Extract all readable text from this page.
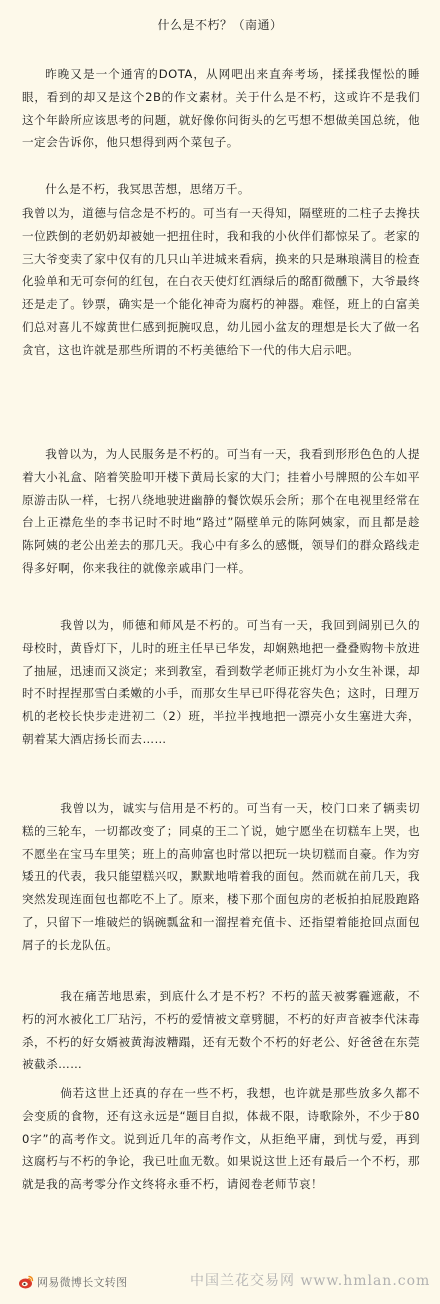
什么是不朽？（南通）

昨晚又是一个通宵的DOTA，从网吧出来直奔考场，揉揉我惺忪的睡眼，看到的却又是这个2B的作文素材。关于什么是不朽，这或许不是我们这个年龄所应该思考的问题，就好像你问街头的乞丐想不想做美国总统，他一定会告诉你，他只想得到两个菜包子。

什么是不朽，我冥思苦想，思绪万千。

我曾以为，道德与信念是不朽的。可当有一天得知，隔壁班的二柱子去搀扶一位跌倒的老奶奶却被她一把扭住时，我和我的小伙伴们都惊呆了。老家的三大爷变卖了家中仅有的几只山羊进城来看病，换来的只是琳琅满目的检查化验单和无可奈何的红包，在白衣天使灯红酒绿后的酩酊微醺下，大爷最终还是走了。钞票，确实是一个能化神奇为腐朽的神器。难怪，班上的白富美们总对喜儿不嫁黄世仁感到扼腕叹息，幼儿园小盆友的理想是长大了做一名贪官，这也许就是那些所谓的不朽美德给下一代的伟大启示吧。

我曾以为，为人民服务是不朽的。可当有一天，我看到形形色色的人提着大小礼盒、陪着笑脸叩开楼下黄局长家的大门；挂着小号牌照的公车如平原游击队一样，七拐八绕地驶进幽静的餐饮娱乐会所；那个在电视里经常在台上正襟危坐的李书记时不时地“路过”隔壁单元的陈阿姨家，而且都是趁陈阿姨的老公出差去的那几天。我心中有多么的感慨，领导们的群众路线走得多好啊，你来我往的就像亲戚串门一样。

我曾以为，师德和师风是不朽的。可当有一天，我回到阔别已久的母校时，黄昏灯下，儿时的班主任早已华发，却娴熟地把一叠叠购物卡放进了抽屉，迅速而又淡定；来到教室，看到数学老师正挑灯为小女生补课，却时不时捏捏那雪白柔嫩的小手，而那女生早已吓得花容失色；这时，日理万机的老校长快步走进初二（2）班，半拉半拽地把一漂亮小女生塞进大奔，朝着某大酒店扬长而去……

我曾以为，诚实与信用是不朽的。可当有一天，校门口来了辆卖切糕的三轮车，一切都改变了；同桌的王二丫说，她宁愿坐在切糕车上哭，也不愿坐在宝马车里笑；班上的高帅富也时常以把玩一块切糕而自豪。作为穷矮丑的代表，我只能望糕兴叹，默默地啃着我的面包。然而就在前几天，我突然发现连面包也都吃不上了。原来，楼下那个面包房的老板拍拍屁股跑路了，只留下一堆破烂的锅碗瓢盆和一溜捏着充值卡、还指望着能抢回点面包屑子的长龙队伍。

我在痛苦地思索，到底什么才是不朽？不朽的蓝天被雾霾遮蔽，不朽的河水被化工厂玷污，不朽的爱情被文章劈腿，不朽的好声音被李代沫毒杀，不朽的好女婿被黄海波糟蹋，还有无数个不朽的好老公、好爸爸在东莞被截杀……

倘若这世上还真的存在一些不朽，我想，也许就是那些放多久都不会变质的食物，还有这永远是“题目自拟，体裁不限，诗歌除外，不少于800字”的高考作文。说到近几年的高考作文，从拒绝平庸，到忧与爱，再到这腐朽与不朽的争论，我已吐血无数。如果说这世上还有最后一个不朽，那就是我的高考零分作文终将永垂不朽，请阅卷老师节哀！

网易微博长文转图	中国兰花交易网 www.hmlan.com
